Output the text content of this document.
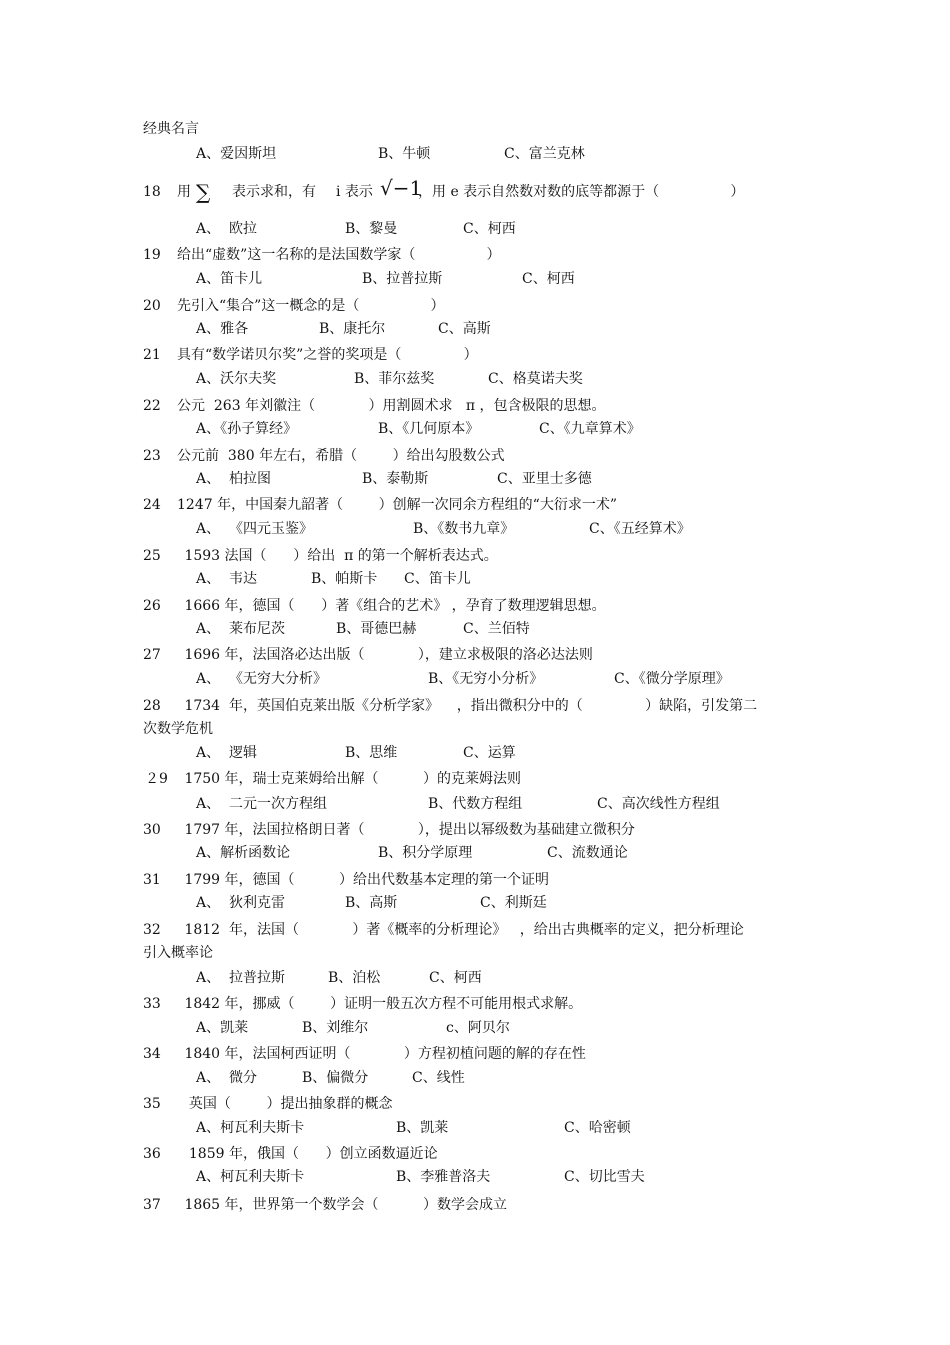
经典名言
A、爱因斯坦	B、牛顿	C、富兰克林
18 用 ∑ 表示求和，有 i 表示 √−1
，用 e 表示自然数对数的底等都源于（                ）
A、  欧拉	B、黎曼	C、柯西
19 给出“虚数”这一名称的是法国数学家（                ）
A、笛卡儿	B、拉普拉斯	C、柯西
20 先引入“集合”这一概念的是（                ）
A、雅各	B、康托尔	C、高斯
21 具有“数学诺贝尔奖”之誉的奖项是（              ）
A、沃尔夫奖	B、菲尔兹奖	C、格莫诺夫奖
22 公元  263 年刘徽注（            ）用割圆术求   π ，包含极限的思想。
A、《孙子算经》	B、《几何原本》	C、《九章算术》
23 公元前  380 年左右，希腊（        ）给出勾股数公式
A、  柏拉图	B、泰勒斯	C、亚里士多德
24 1247 年，中国秦九韶著（        ）创解一次同余方程组的“大衍求一术”
A、  《四元玉鉴》	B、《数书九章》	C、《五经算术》
25 1593 法国（      ）给出  π 的第一个解析表达式。
A、  韦达	B、帕斯卡 C、笛卡儿
26 1666 年，德国（      ）著《组合的艺术》 ，孕育了数理逻辑思想。
A、  莱布尼茨	B、哥德巴赫	C、兰佰特
27 1696 年，法国洛必达出版（            ），建立求极限的洛必达法则
A、  《无穷大分析》	B、《无穷小分析》	C、《微分学原理》
28 1734  年，英国伯克莱出版《分析学家》    ，指出微积分中的（              ）缺陷，引发第二
次数学危机
A、  逻辑	B、思维	C、运算
２9 1750 年，瑞士克莱姆给出解（          ）的克莱姆法则
A、  二元一次方程组	B、代数方程组	C、高次线性方程组
30 1797 年，法国拉格朗日著（            ），提出以幂级数为基础建立微积分
A、解析函数论	B、积分学原理	C、流数通论
31 1799 年，德国（          ）给出代数基本定理的第一个证明
A、  狄利克雷	B、高斯	C、利斯廷
32 1812  年，法国（            ）著《概率的分析理论》   ，给出古典概率的定义，把分析理论
引入概率论
A、  拉普拉斯	B、泊松	C、柯西
33 1842 年，挪威（        ）证明一般五次方程不可能用根式求解。
A、凯莱	B、刘维尔	c、阿贝尔
34 1840 年，法国柯西证明（            ）方程初植问题的解的存在性
A、  微分	B、偏微分	C、线性
35 英国（        ）提出抽象群的概念
A、柯瓦利夫斯卡	B、凯莱	C、哈密顿
36 1859 年，俄国（      ）创立函数逼近论
A、柯瓦利夫斯卡	B、李雅普洛夫	C、切比雪夫
37 1865 年，世界第一个数学会（          ）数学会成立
